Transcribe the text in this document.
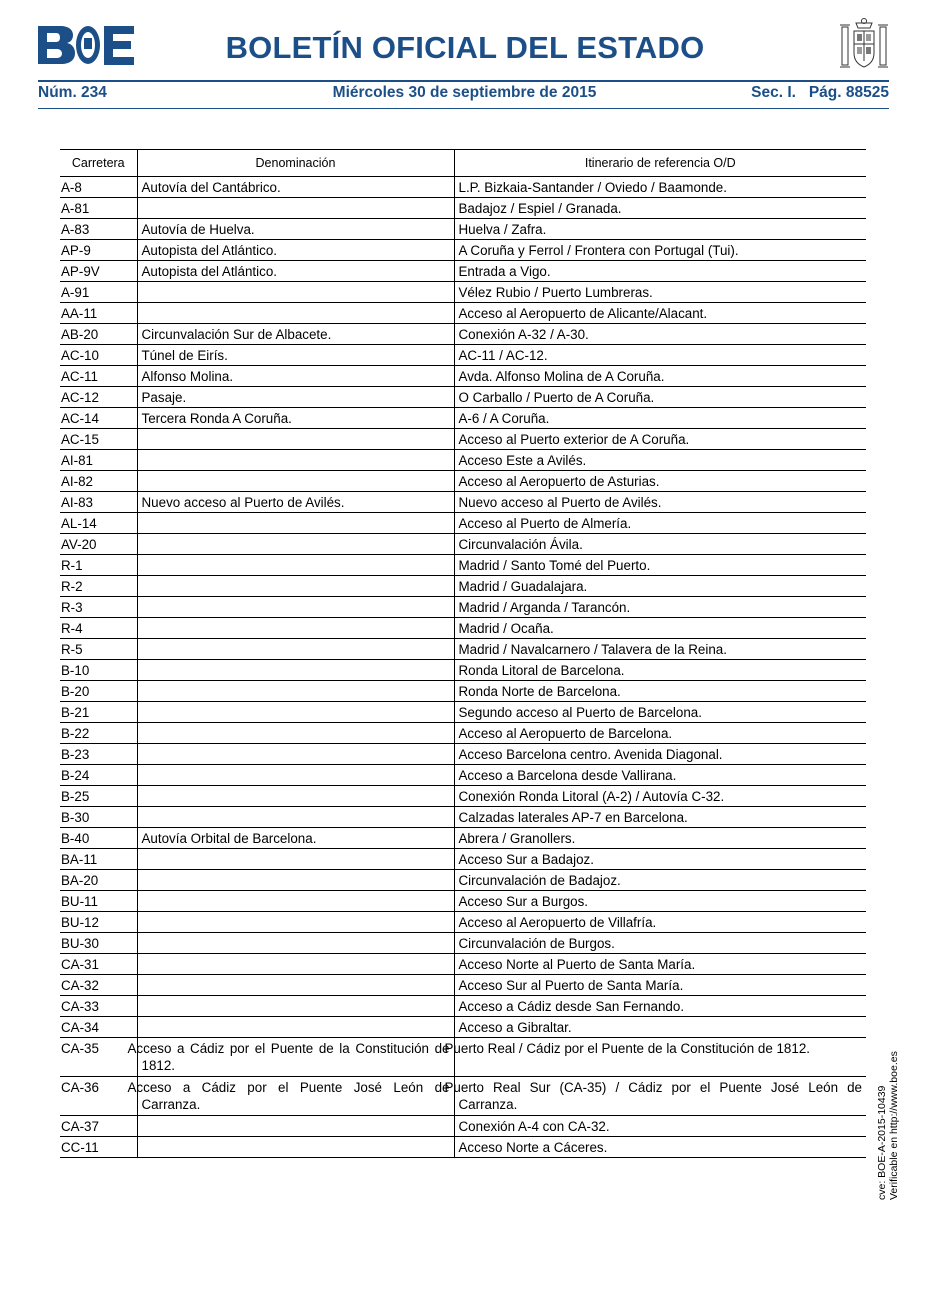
BOLETÍN OFICIAL DEL ESTADO
Núm. 234	Miércoles 30 de septiembre de 2015	Sec. I.   Pág. 88525
Carretera	Denominación	Itinerario de referencia O/D
A-8	Autovía del Cantábrico.	L.P. Bizkaia-Santander / Oviedo / Baamonde.
A-81		Badajoz / Espiel / Granada.
A-83	Autovía de Huelva.	Huelva / Zafra.
AP-9	Autopista del Atlántico.	A Coruña y Ferrol / Frontera con Portugal (Tui).
AP-9V	Autopista del Atlántico.	Entrada a Vigo.
A-91		Vélez Rubio / Puerto Lumbreras.
AA-11		Acceso al Aeropuerto de Alicante/Alacant.
AB-20	Circunvalación Sur de Albacete.	Conexión A-32 / A-30.
AC-10	Túnel de Eirís.	AC-11 / AC-12.
AC-11	Alfonso Molina.	Avda. Alfonso Molina de A Coruña.
AC-12	Pasaje.	O Carballo / Puerto de A Coruña.
AC-14	Tercera Ronda A Coruña.	A-6 / A Coruña.
AC-15		Acceso al Puerto exterior de A Coruña.
AI-81		Acceso Este a Avilés.
AI-82		Acceso al Aeropuerto de Asturias.
AI-83	Nuevo acceso al Puerto de Avilés.	Nuevo acceso al Puerto de Avilés.
AL-14		Acceso al Puerto de Almería.
AV-20		Circunvalación Ávila.
R-1		Madrid / Santo Tomé del Puerto.
R-2		Madrid / Guadalajara.
R-3		Madrid / Arganda / Tarancón.
R-4		Madrid / Ocaña.
R-5		Madrid / Navalcarnero / Talavera de la Reina.
B-10		Ronda Litoral de Barcelona.
B-20		Ronda Norte de Barcelona.
B-21		Segundo acceso al Puerto de Barcelona.
B-22		Acceso al Aeropuerto de Barcelona.
B-23		Acceso Barcelona centro. Avenida Diagonal.
B-24		Acceso a Barcelona desde Vallirana.
B-25		Conexión Ronda Litoral (A-2) / Autovía C-32.
B-30		Calzadas laterales AP-7 en Barcelona.
B-40	Autovía Orbital de Barcelona.	Abrera / Granollers.
BA-11		Acceso Sur a Badajoz.
BA-20		Circunvalación de Badajoz.
BU-11		Acceso Sur a Burgos.
BU-12		Acceso al Aeropuerto de Villafría.
BU-30		Circunvalación de Burgos.
CA-31		Acceso Norte al Puerto de Santa María.
CA-32		Acceso Sur al Puerto de Santa María.
CA-33		Acceso a Cádiz desde San Fernando.
CA-34		Acceso a Gibraltar.
CA-35	Acceso a Cádiz por el Puente de la Constitución de 1812.	Puerto Real / Cádiz por el Puente de la Constitución de 1812.
CA-36	Acceso a Cádiz por el Puente José León de Carranza.	Puerto Real Sur (CA-35) / Cádiz por el Puente José León de Carranza.
CA-37		Conexión A-4 con CA-32.
CC-11		Acceso Norte a Cáceres.	cve: BOE-A-2015-10439 Verificable en http://www.boe.es
